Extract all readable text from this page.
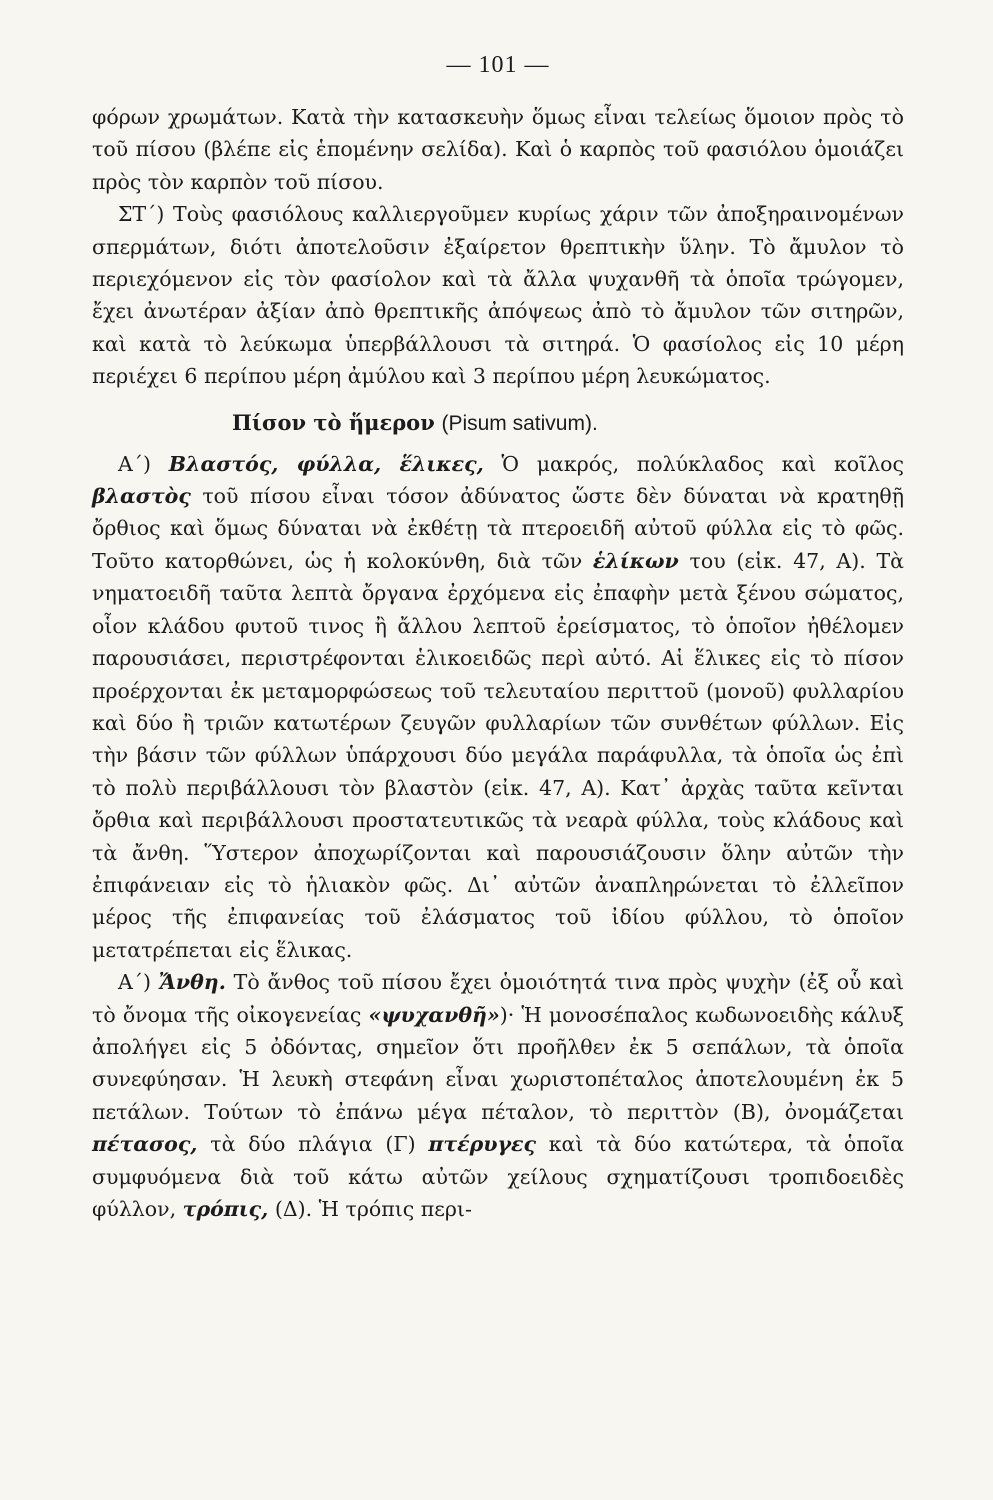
— 101 —

φόρων χρωμάτων. Κατὰ τὴν κατασκευὴν ὅμως εἶναι τελείως ὅμοιον πρὸς τὸ τοῦ πίσου (βλέπε εἰς ἑπομένην σελίδα). Καὶ ὁ καρπὸς τοῦ φασιόλου ὁμοιάζει πρὸς τὸν καρπὸν τοῦ πίσου.

ΣΤ΄) Τοὺς φασιόλους καλλιεργοῦμεν κυρίως χάριν τῶν ἀποξηραινομένων σπερμάτων, διότι ἀποτελοῦσιν ἐξαίρετον θρεπτικὴν ὕλην. Τὸ ἄμυλον τὸ περιεχόμενον εἰς τὸν φασίολον καὶ τὰ ἄλλα ψυχανθῆ τὰ ὁποῖα τρώγομεν, ἔχει ἀνωτέραν ἀξίαν ἀπὸ θρεπτικῆς ἀπόψεως ἀπὸ τὸ ἄμυλον τῶν σιτηρῶν, καὶ κατὰ τὸ λεύκωμα ὑπερβάλλουσι τὰ σιτηρά. Ὁ φασίολος εἰς 10 μέρη περιέχει 6 περίπου μέρη ἀμύλου καὶ 3 περίπου μέρη λευκώματος.

Πίσον τὸ ἥμερον (Pisum sativum).

Α΄) Βλαστός, φύλλα, ἕλικες, Ὁ μακρός, πολύκλαδος καὶ κοῖλος βλαστὸς τοῦ πίσου εἶναι τόσον ἀδύνατος ὥστε δὲν δύναται νὰ κρατηθῇ ὄρθιος καὶ ὅμως δύναται νὰ ἐκθέτῃ τὰ πτεροειδῆ αὐτοῦ φύλλα εἰς τὸ φῶς. Τοῦτο κατορθώνει, ὡς ἡ κολοκύνθη, διὰ τῶν ἑλίκων του (εἰκ. 47, Α). Τὰ νηματοειδῆ ταῦτα λεπτὰ ὄργανα ἐρχόμενα εἰς ἐπαφὴν μετὰ ξένου σώματος, οἷον κλάδου φυτοῦ τινος ἢ ἄλλου λεπτοῦ ἐρείσματος, τὸ ὁποῖον ἠθέλομεν παρουσιάσει, περιστρέφονται ἑλικοειδῶς περὶ αὐτό. Αἱ ἕλικες εἰς τὸ πίσον προέρχονται ἐκ μεταμορφώσεως τοῦ τελευταίου περιττοῦ (μονοῦ) φυλλαρίου καὶ δύο ἢ τριῶν κατωτέρων ζευγῶν φυλλαρίων τῶν συνθέτων φύλλων. Εἰς τὴν βάσιν τῶν φύλλων ὑπάρχουσι δύο μεγάλα παράφυλλα, τὰ ὁποῖα ὡς ἐπὶ τὸ πολὺ περιβάλλουσι τὸν βλαστὸν (εἰκ. 47, Α). Κατ᾽ ἀρχὰς ταῦτα κεῖνται ὄρθια καὶ περιβάλλουσι προστατευτικῶς τὰ νεαρὰ φύλλα, τοὺς κλάδους καὶ τὰ ἄνθη. Ὕστερον ἀποχωρίζονται καὶ παρουσιάζουσιν ὅλην αὐτῶν τὴν ἐπιφάνειαν εἰς τὸ ἡλιακὸν φῶς. Δι᾽ αὐτῶν ἀναπληρώνεται τὸ ἐλλεῖπον μέρος τῆς ἐπιφανείας τοῦ ἐλάσματος τοῦ ἰδίου φύλλου, τὸ ὁποῖον μετατρέπεται εἰς ἕλικας.

Α΄) Ἄνθη. Τὸ ἄνθος τοῦ πίσου ἔχει ὁμοιότητά τινα πρὸς ψυχὴν (ἐξ οὗ καὶ τὸ ὄνομα τῆς οἰκογενείας «ψυχανθῆ»)· Ἡ μονοσέπαλος κωδωνοειδὴς κάλυξ ἀπολήγει εἰς 5 ὀδόντας, σημεῖον ὅτι προῆλθεν ἐκ 5 σεπάλων, τὰ ὁποῖα συνεφύησαν. Ἡ λευκὴ στεφάνη εἶναι χωριστοπέταλος ἀποτελουμένη ἐκ 5 πετάλων. Τούτων τὸ ἐπάνω μέγα πέταλον, τὸ περιττὸν (Β), ὀνομάζεται πέτασος, τὰ δύο πλάγια (Γ) πτέρυγες καὶ τὰ δύο κατώτερα, τὰ ὁποῖα συμφυόμενα διὰ τοῦ κάτω αὐτῶν χείλους σχηματίζουσι τροπιδοειδὲς φύλλον, τρόπις, (Δ). Ἡ τρόπις περι-
